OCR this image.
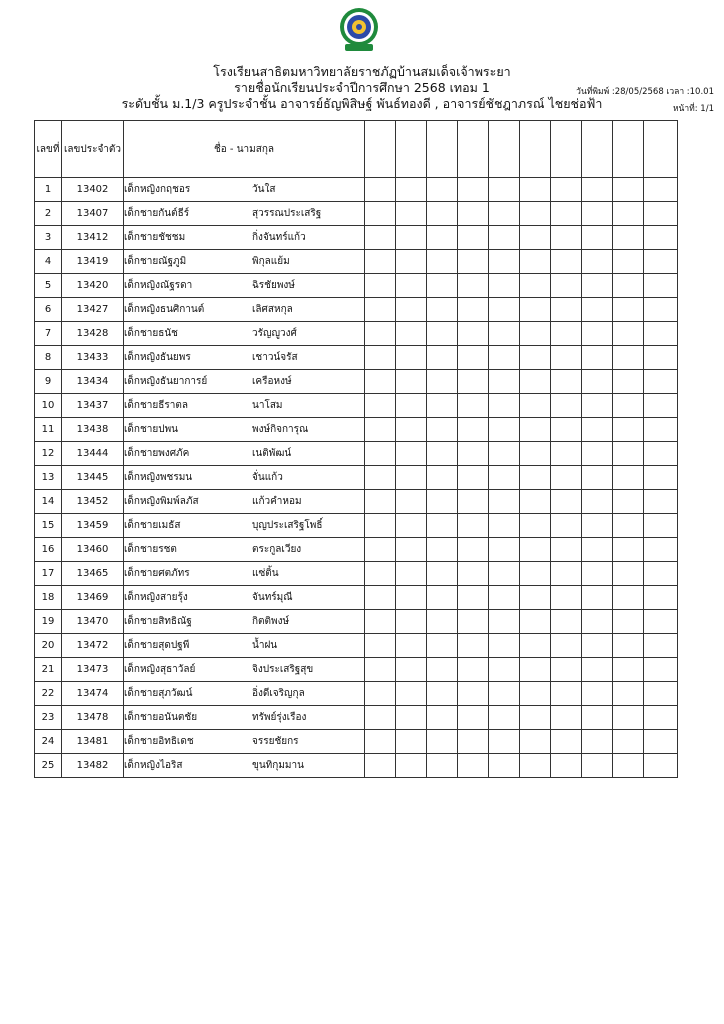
โรงเรียนสาธิตมหาวิทยาลัยราชภัฏบ้านสมเด็จเจ้าพระยา
รายชื่อนักเรียนประจำปีการศึกษา 2568 เทอม 1
ระดับชั้น ม.1/3 ครูประจำชั้น อาจารย์ธัญพิสิษฐ์ พันธ์ทองดี , อาจารย์ชัชฎาภรณ์ ไชยช่อฟ้า
วันที่พิมพ์ :28/05/2568 เวลา :10.01
หน้าที่: 1/1
เลขที่	เลขประจำตัว	ชื่อ - นามสกุล										
1	13402	เด็กหญิงกฤชอร วันใส										
2	13407	เด็กชายกันต์ธีร์ สุวรรณประเสริฐ										
3	13412	เด็กชายชัชชม กิ่งจันทร์แก้ว										
4	13419	เด็กชายณัฐภูมิ พิกุลแย้ม										
5	13420	เด็กหญิงณัฐรดา ฉิรชัยพงษ์										
6	13427	เด็กหญิงธนศิกานต์ เลิศสหกุล										
7	13428	เด็กชายธนัช วรัญญูวงศ์										
8	13433	เด็กหญิงธันยพร เชาวน์จรัส										
9	13434	เด็กหญิงธันยาการย์ เครือหงษ์										
10	13437	เด็กชายธีราตล นาโสม										
11	13438	เด็กชายปพน พงษ์กิจการุณ										
12	13444	เด็กชายพงศภัค เนติพัฒน์										
13	13445	เด็กหญิงพชรมน จั่นแก้ว										
14	13452	เด็กหญิงพิมพ์ลภัส แก้วคำหอม										
15	13459	เด็กชายเมธัส บุญประเสริฐโพธิ์										
16	13460	เด็กชายรชต ตระกูลเวียง										
17	13465	เด็กชายศตภัทร แซ่ติ้น										
18	13469	เด็กหญิงสายรุ้ง จันทร์มุณี										
19	13470	เด็กชายสิทธิณัฐ กิตติพงษ์										
20	13472	เด็กชายสุดปฐพี น้ำฝน										
21	13473	เด็กหญิงสุธาวัลย์ จิงประเสริฐสุข										
22	13474	เด็กชายสุภวัฒน์ อิ่งดีเจริญกุล										
23	13478	เด็กชายอนันตชัย ทรัพย์รุ่งเรือง										
24	13481	เด็กชายอิทธิเดช จรรยชัยกร										
25	13482	เด็กหญิงไอริส ขุนทิกุมมาน										
